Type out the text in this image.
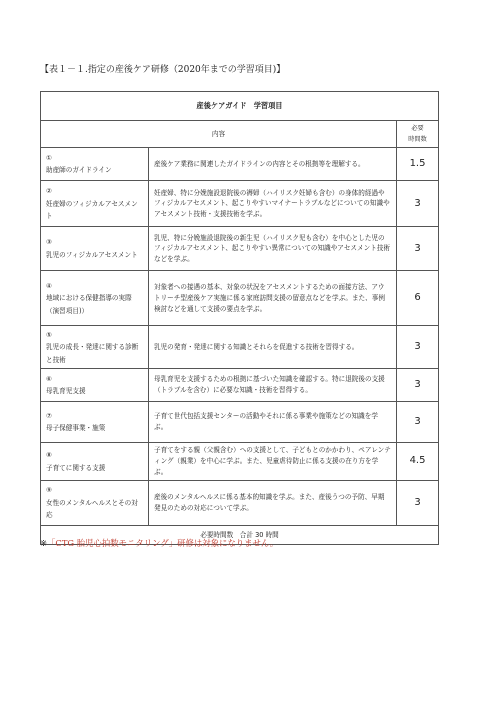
【表１－１.指定の産後ケア研修（2020年までの学習項目)】
産後ケアガイド　学習項目		
内容		必要
時間数
①
助産師のガイドライン	産後ケア業務に関連したガイドラインの内容とその根拠等を理解する。	1.5
②
妊産婦のフィジカルアセスメント	妊産婦、特に分娩施設退院後の褥婦（ハイリスク妊婦も含む）の身体的経過やフィジカルアセスメント、起こりやすいマイナートラブルなどについての知識やアセスメント技術・支援技術を学ぶ。	3
③
乳児のフィジカルアセスメント	乳児、特に分娩施設退院後の新生児（ハイリスク児も含む）を中心とした児のフィジカルアセスメント、起こりやすい異常についての知識やアセスメント技術などを学ぶ。	3
④
地域における保健指導の実際（演習項目)）	対象者への接遇の基本、対象の状況をアセスメントするための面接方法、アウトリーチ型産後ケア実施に係る家庭訪問支援の留意点などを学ぶ。また、事例検討などを通して支援の要点を学ぶ。	6
⑤
乳児の成長・発達に関する診断と技術	乳児の発育・発達に関する知識とそれらを促進する技術を習得する。	3
⑥
母乳育児支援	母乳育児を支援するための根拠に基づいた知識を確認する。特に退院後の支援（トラブルを含む）に必要な知識・技術を習得する。	3
⑦
母子保健事業・施策	子育て世代包括支援センターの活動やそれに係る事業や施策などの知識を学ぶ。	3
⑧
子育てに関する支援	子育てをする親（父親含む）への支援として、子どもとのかかわり、ペアレンティング（親業）を中心に学ぶ。また、児童虐待防止に係る支援の在り方を学ぶ。	4.5
⑨
女性のメンタルヘルスとその対応	産後のメンタルヘルスに係る基本的知識を学ぶ。また、産後うつの予防、早期発見のための対応について学ぶ。	3
必要時間数　合計 30 時間		
※「CTG 胎児心拍数モニタリング」研修は対象になりません。
